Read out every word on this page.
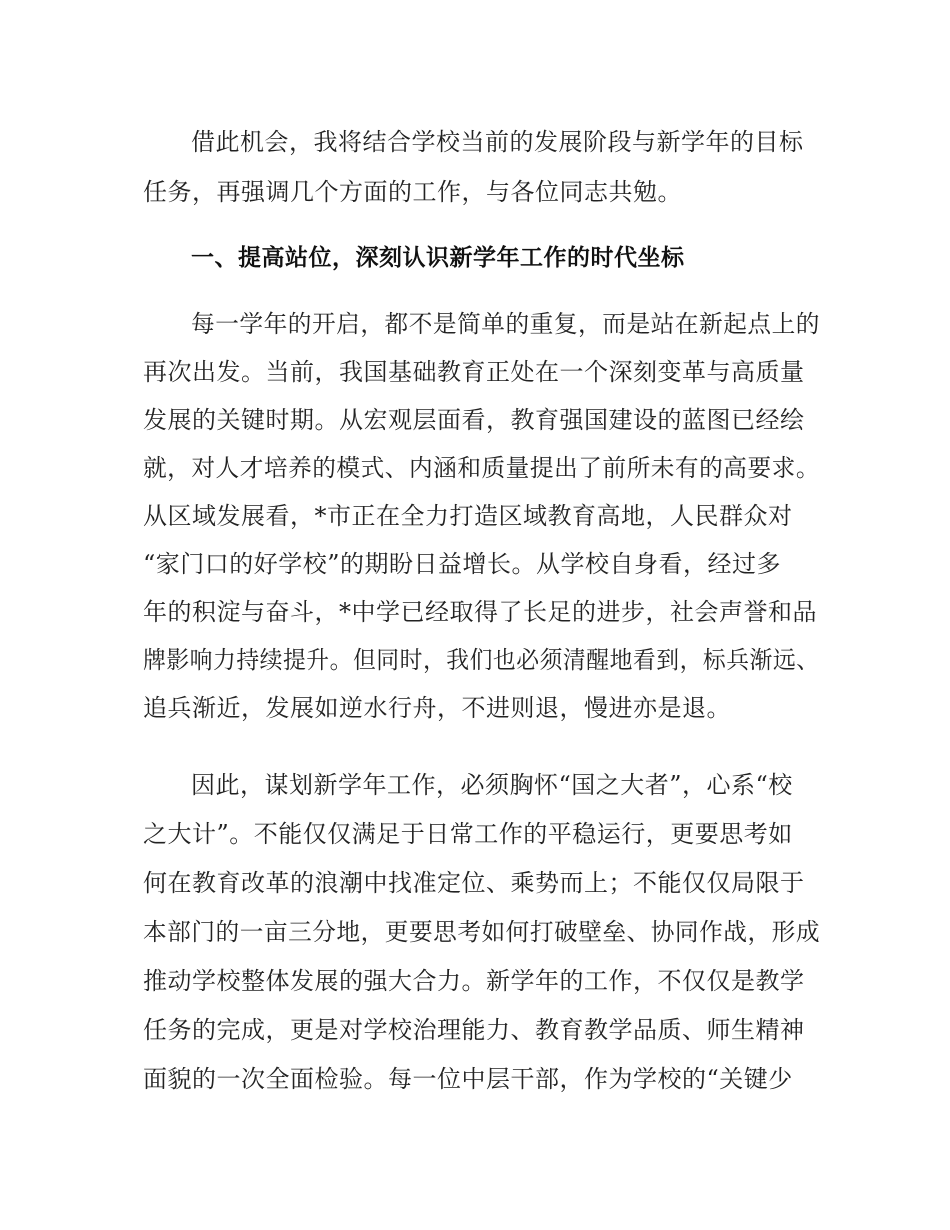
借此机会，我将结合学校当前的发展阶段与新学年的目标
任务，再强调几个方面的工作，与各位同志共勉。
一、提高站位，深刻认识新学年工作的时代坐标
每一学年的开启，都不是简单的重复，而是站在新起点上的
再次出发。当前，我国基础教育正处在一个深刻变革与高质量
发展的关键时期。从宏观层面看，教育强国建设的蓝图已经绘
就，对人才培养的模式、内涵和质量提出了前所未有的高要求。
从区域发展看，*市正在全力打造区域教育高地，人民群众对
“家门口的好学校”的期盼日益增长。从学校自身看，经过多
年的积淀与奋斗，*中学已经取得了长足的进步，社会声誉和品
牌影响力持续提升。但同时，我们也必须清醒地看到，标兵渐远、
追兵渐近，发展如逆水行舟，不进则退，慢进亦是退。
因此，谋划新学年工作，必须胸怀“国之大者”，心系“校
之大计”。不能仅仅满足于日常工作的平稳运行，更要思考如
何在教育改革的浪潮中找准定位、乘势而上；不能仅仅局限于
本部门的一亩三分地，更要思考如何打破壁垒、协同作战，形成
推动学校整体发展的强大合力。新学年的工作，不仅仅是教学
任务的完成，更是对学校治理能力、教育教学品质、师生精神
面貌的一次全面检验。每一位中层干部，作为学校的“关键少
